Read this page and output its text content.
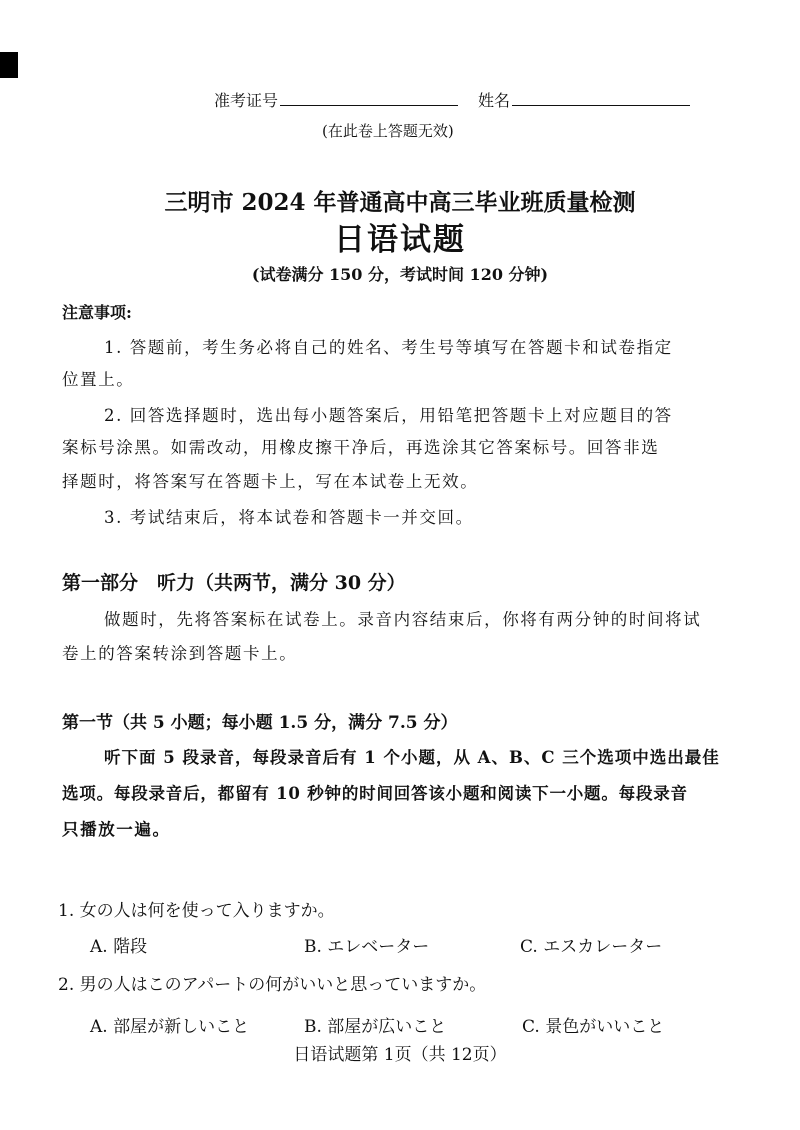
准考证号	姓名
(在此卷上答题无效)
三明市 2024 年普通高中高三毕业班质量检测
日语试题
(试卷满分 150 分，考试时间 120 分钟)
注意事项:
1. 答题前，考生务必将自己的姓名、考生号等填写在答题卡和试卷指定
位置上。
2. 回答选择题时，选出每小题答案后，用铅笔把答题卡上对应题目的答
案标号涂黑。如需改动，用橡皮擦干净后，再选涂其它答案标号。回答非选
择题时，将答案写在答题卡上，写在本试卷上无效。
3. 考试结束后，将本试卷和答题卡一并交回。
第一部分　听力（共两节，满分 30 分）
做题时，先将答案标在试卷上。录音内容结束后，你将有两分钟的时间将试
卷上的答案转涂到答题卡上。
第一节（共 5 小题；每小题 1.5 分，满分 7.5 分）
听下面 5 段录音，每段录音后有 1 个小题，从 A、B、C 三个选项中选出最佳
选项。每段录音后，都留有 10 秒钟的时间回答该小题和阅读下一小题。每段录音
只播放一遍。
1. 女の人は何を使って入りますか。
A. 階段	B. エレベーター	C. エスカレーター
2. 男の人はこのアパートの何がいいと思っていますか。
A. 部屋が新しいこと	B. 部屋が広いこと	C. 景色がいいこと
日语试题第 1页（共 12页）
